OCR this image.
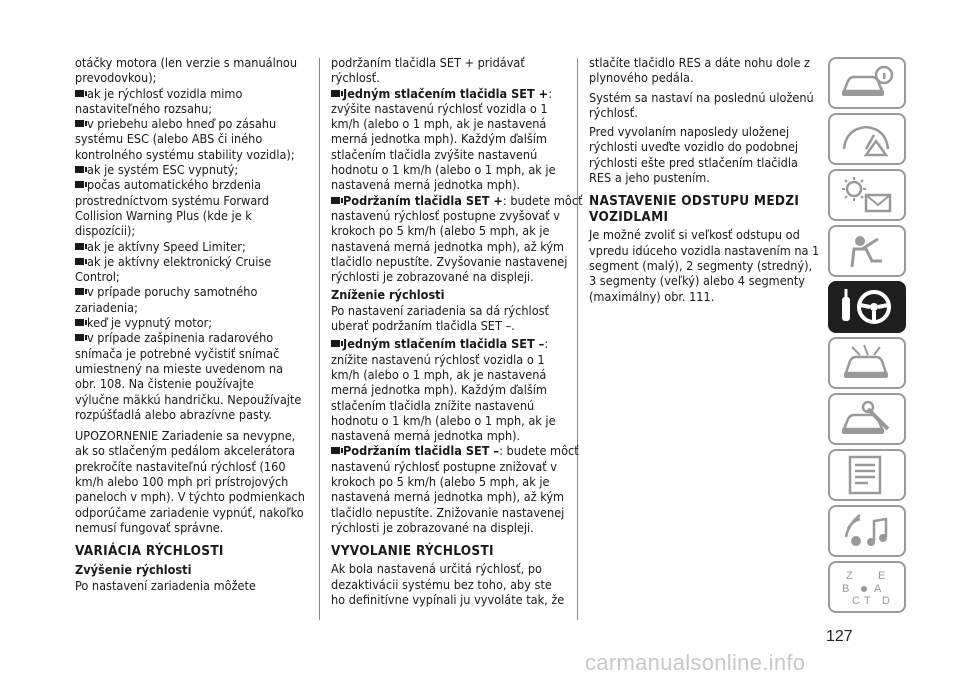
otáčky motora (len verzie s manuálnou
prevodovkou);
ak je rýchlosť vozidla mimo
nastaviteľného rozsahu;
v priebehu alebo hneď po zásahu
systému ESC (alebo ABS či iného
kontrolného systému stability vozidla);
ak je systém ESC vypnutý;
počas automatického brzdenia
prostredníctvom systému Forward
Collision Warning Plus (kde je k
dispozícii);
ak je aktívny Speed Limiter;
ak je aktívny elektronický Cruise
Control;
v prípade poruchy samotného
zariadenia;
keď je vypnutý motor;
v prípade zašpinenia radarového
snímača je potrebné vyčistiť snímač
umiestnený na mieste uvedenom na
obr. 108. Na čistenie používajte
výlučne mäkkú handričku. Nepoužívajte
rozpúšťadlá alebo abrazívne pasty.
UPOZORNENIE Zariadenie sa nevypne,
ak so stlačeným pedálom akcelerátora
prekročíte nastaviteľnú rýchlosť (160
km/h alebo 100 mph pri prístrojových
paneloch v mph). V týchto podmienkach
odporúčame zariadenie vypnúť, nakoľko
nemusí fungovať správne.
VARIÁCIA RÝCHLOSTI
Zvýšenie rýchlosti
Po nastavení zariadenia môžete
podržaním tlačidla SET + pridávať
rýchlosť.
Jedným stlačením tlačidla SET +:
zvýšite nastavenú rýchlosť vozidla o 1
km/h (alebo o 1 mph, ak je nastavená
merná jednotka mph). Každým ďalším
stlačením tlačidla zvýšite nastavenú
hodnotu o 1 km/h (alebo o 1 mph, ak je
nastavená merná jednotka mph).
Podržaním tlačidla SET +: budete môcť
nastavenú rýchlosť postupne zvyšovať v
krokoch po 5 km/h (alebo 5 mph, ak je
nastavená merná jednotka mph), až kým
tlačidlo nepustíte. Zvyšovanie nastavenej
rýchlosti je zobrazované na displeji.
Zníženie rýchlosti
Po nastavení zariadenia sa dá rýchlosť
uberať podržaním tlačidla SET –.
Jedným stlačením tlačidla SET –:
znížite nastavenú rýchlosť vozidla o 1
km/h (alebo o 1 mph, ak je nastavená
merná jednotka mph). Každým ďalším
stlačením tlačidla znížite nastavenú
hodnotu o 1 km/h (alebo o 1 mph, ak je
nastavená merná jednotka mph).
Podržaním tlačidla SET –: budete môcť
nastavenú rýchlosť postupne znižovať v
krokoch po 5 km/h (alebo 5 mph, ak je
nastavená merná jednotka mph), až kým
tlačidlo nepustíte. Znižovanie nastavenej
rýchlosti je zobrazované na displeji.
VYVOLANIE RÝCHLOSTI
Ak bola nastavená určitá rýchlosť, po
dezaktivácii systému bez toho, aby ste
ho definitívne vypínali ju vyvoláte tak, že
stlačíte tlačidlo RES a dáte nohu dole z
plynového pedála.
Systém sa nastaví na poslednú uloženú
rýchlosť.
Pred vyvolaním naposledy uloženej
rýchlosti uveďte vozidlo do podobnej
rýchlosti ešte pred stlačením tlačidla
RES a jeho pustením.
NASTAVENIE ODSTUPU MEDZI
VOZIDLAMI
Je možné zvoliť si veľkosť odstupu od
vpredu idúceho vozidla nastavením na 1
segment (malý), 2 segmenty (stredný),
3 segmenty (veľký) alebo 4 segmenty
(maximálny) obr. 111.
Z E
B A
C T D
127
carmanualsonline.info
